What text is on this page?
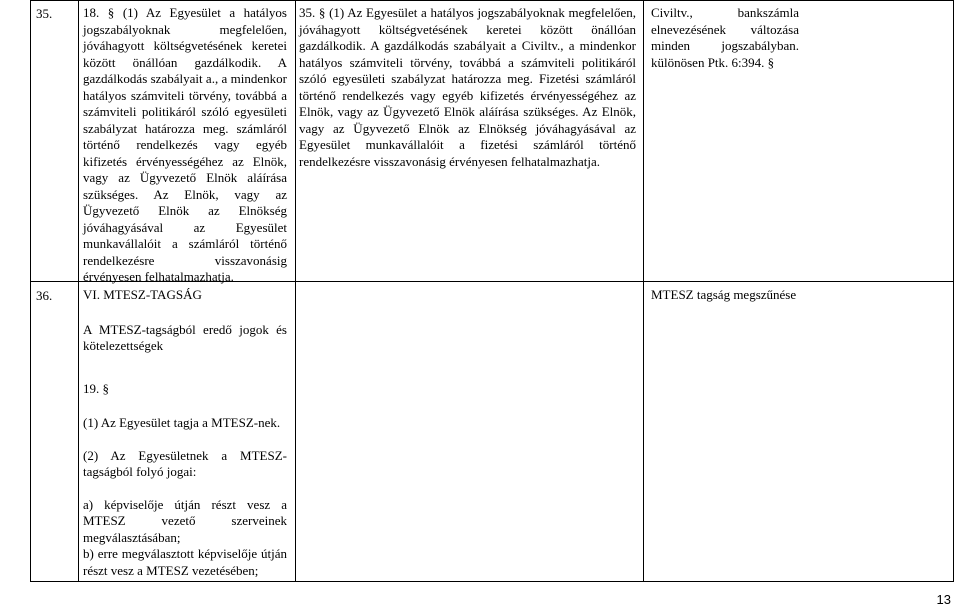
35. 18. § (1) Az Egyesület a hatályos jogszabályoknak megfelelően, jóváhagyott költségvetésének keretei között önállóan gazdálkodik. A gazdálkodás szabályait a., a mindenkor hatályos számviteli törvény, továbbá a számviteli politikáról szóló egyesületi szabályzat határozza meg. számláról történő rendelkezés vagy egyéb kifizetés érvényességéhez az Elnök, vagy az Ügyvezető Elnök aláírása szükséges. Az Elnök, vagy az Ügyvezető Elnök az Elnökség jóváhagyásával az Egyesület munkavállalóit a számláról történő rendelkezésre visszavonásig érvényesen felhatalmazhatja.
35. § (1) Az Egyesület a hatályos jogszabályoknak megfelelően, jóváhagyott költségvetésének keretei között önállóan gazdálkodik. A gazdálkodás szabályait a Civiltv., a mindenkor hatályos számviteli törvény, továbbá a számviteli politikáról szóló egyesületi szabályzat határozza meg. Fizetési számláról történő rendelkezés vagy egyéb kifizetés érvényességéhez az Elnök, vagy az Ügyvezető Elnök aláírása szükséges. Az Elnök, vagy az Ügyvezető Elnök az Elnökség jóváhagyásával az Egyesület munkavállalóit a fizetési számláról történő rendelkezésre visszavonásig érvényesen felhatalmazhatja.
Civiltv., bankszámla elnevezésének változása minden jogszabályban. különösen Ptk. 6:394. §
36. VI. MTESZ-TAGSÁG

A MTESZ-tagságból eredő jogok és kötelezettségek

19. §

(1) Az Egyesület tagja a MTESZ-nek.

(2) Az Egyesületnek a MTESZ-tagságból folyó jogai:

a) képviselője útján részt vesz a MTESZ vezető szerveinek megválasztásában;

b) erre megválasztott képviselője útján részt vesz a MTESZ vezetésében;

MTESZ tagság megszűnése
13
